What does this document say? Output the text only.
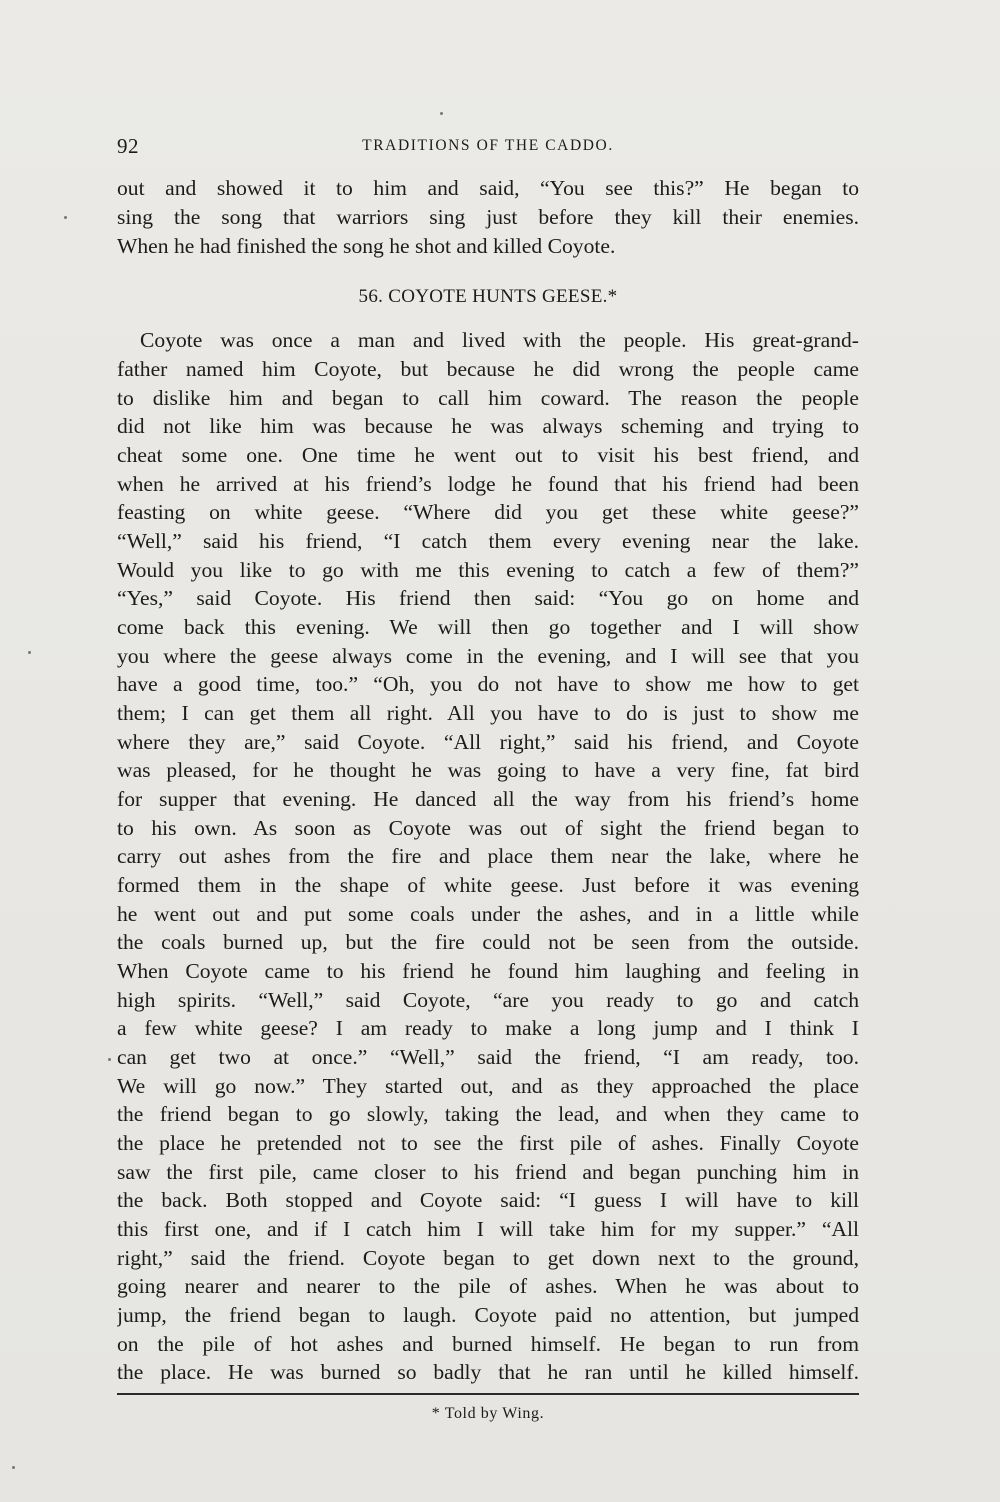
92	TRADITIONS OF THE CADDO.
out and showed it to him and said, “You see this?” He began to
sing the song that warriors sing just before they kill their enemies.
When he had finished the song he shot and killed Coyote.
56. COYOTE HUNTS GEESE.*
Coyote was once a man and lived with the people. His great-grand-
father named him Coyote, but because he did wrong the people came
to dislike him and began to call him coward. The reason the people
did not like him was because he was always scheming and trying to
cheat some one. One time he went out to visit his best friend, and
when he arrived at his friend’s lodge he found that his friend had been
feasting on white geese. “Where did you get these white geese?”
“Well,” said his friend, “I catch them every evening near the lake.
Would you like to go with me this evening to catch a few of them?”
“Yes,” said Coyote. His friend then said: “You go on home and
come back this evening. We will then go together and I will show
you where the geese always come in the evening, and I will see that you
have a good time, too.” “Oh, you do not have to show me how to get
them; I can get them all right. All you have to do is just to show me
where they are,” said Coyote. “All right,” said his friend, and Coyote
was pleased, for he thought he was going to have a very fine, fat bird
for supper that evening. He danced all the way from his friend’s home
to his own. As soon as Coyote was out of sight the friend began to
carry out ashes from the fire and place them near the lake, where he
formed them in the shape of white geese. Just before it was evening
he went out and put some coals under the ashes, and in a little while
the coals burned up, but the fire could not be seen from the outside.
When Coyote came to his friend he found him laughing and feeling in
high spirits. “Well,” said Coyote, “are you ready to go and catch
a few white geese? I am ready to make a long jump and I think I
can get two at once.” “Well,” said the friend, “I am ready, too.
We will go now.” They started out, and as they approached the place
the friend began to go slowly, taking the lead, and when they came to
the place he pretended not to see the first pile of ashes. Finally Coyote
saw the first pile, came closer to his friend and began punching him in
the back. Both stopped and Coyote said: “I guess I will have to kill
this first one, and if I catch him I will take him for my supper.” “All
right,” said the friend. Coyote began to get down next to the ground,
going nearer and nearer to the pile of ashes. When he was about to
jump, the friend began to laugh. Coyote paid no attention, but jumped
on the pile of hot ashes and burned himself. He began to run from
the place. He was burned so badly that he ran until he killed himself.
* Told by Wing.
